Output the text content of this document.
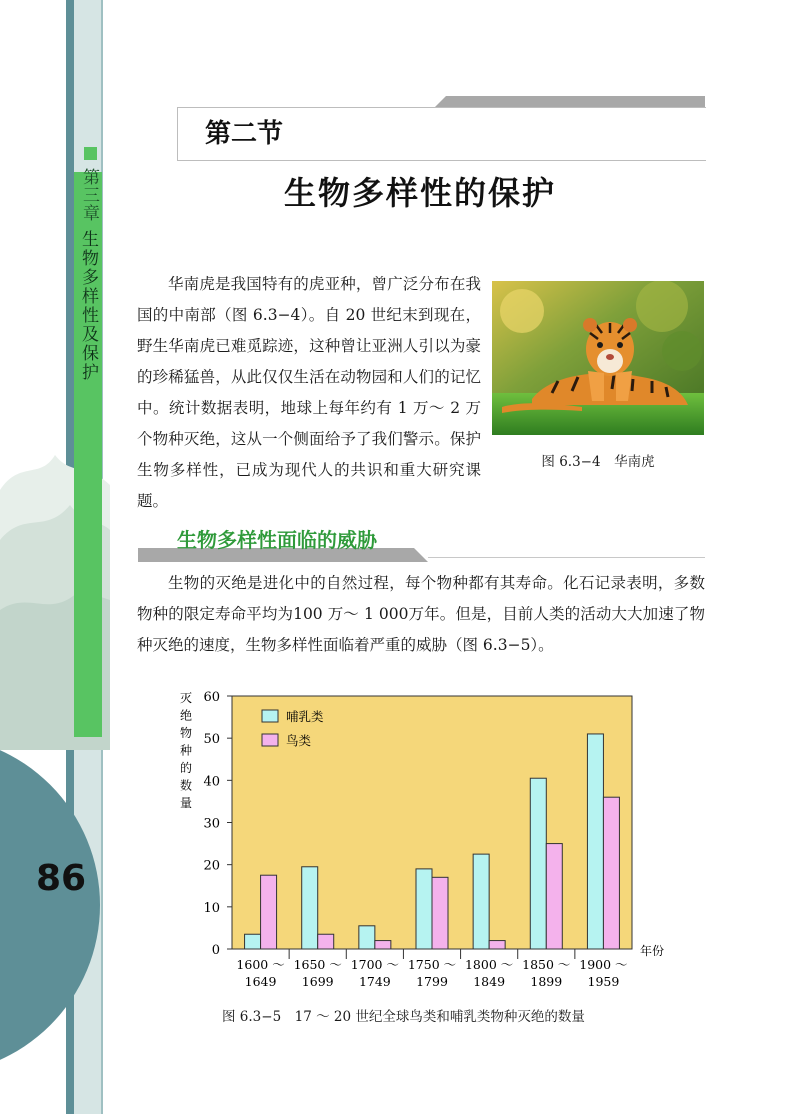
第三章
生物多样性及保护
86
第二节
生物多样性的保护

华南虎是我国特有的虎亚种，曾广泛分布在我国的中南部（图 6.3−4）。自 20 世纪末到现在，野生华南虎已难觅踪迹，这种曾让亚洲人引以为豪的珍稀猛兽，从此仅仅生活在动物园和人们的记忆中。统计数据表明，地球上每年约有 1 万～ 2 万个物种灭绝，这从一个侧面给予了我们警示。保护生物多样性，已成为现代人的共识和重大研究课题。

图 6.3−4　华南虎
生物多样性面临的威胁

生物的灭绝是进化中的自然过程，每个物种都有其寿命。化石记录表明，多数物种的限定寿命平均为100 万～ 1 000万年。但是，目前人类的活动大大加速了物种灭绝的速度，生物多样性面临着严重的威胁（图 6.3−5）。

0
10
20
30
40
50
60
灭
绝
物
种
的
数
量
年份
1600 ～
1649
1650 ～
1699
1700 ～
1749
1750 ～
1799
1800 ～
1849
1850 ～
1899
1900 ～
1959
哺乳类
鸟类
图 6.3−5　17 ～ 20 世纪全球鸟类和哺乳类物种灭绝的数量
